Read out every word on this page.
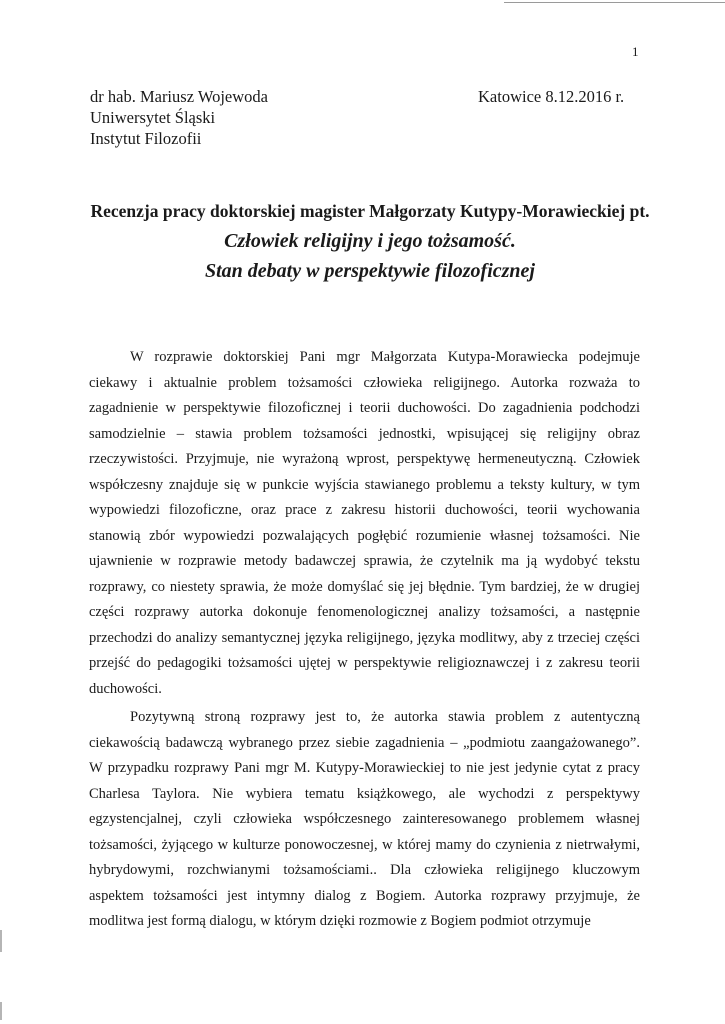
1
dr hab. Mariusz Wojewoda
Uniwersytet Śląski
Instytut Filozofii
Katowice 8.12.2016 r.
Recenzja pracy doktorskiej magister Małgorzaty Kutypy-Morawieckiej pt.
Człowiek religijny i jego tożsamość.
Stan debaty w perspektywie filozoficznej

W rozprawie doktorskiej Pani mgr Małgorzata Kutypa-Morawiecka podejmuje ciekawy i aktualnie problem tożsamości człowieka religijnego. Autorka rozważa to zagadnienie w perspektywie filozoficznej i teorii duchowości. Do zagadnienia podchodzi samodzielnie – stawia problem tożsamości jednostki, wpisującej się religijny obraz rzeczywistości. Przyjmuje, nie wyrażoną wprost, perspektywę hermeneutyczną. Człowiek współczesny znajduje się w punkcie wyjścia stawianego problemu a teksty kultury, w tym wypowiedzi filozoficzne, oraz prace z zakresu historii duchowości, teorii wychowania stanowią zbór wypowiedzi pozwalających pogłębić rozumienie własnej tożsamości. Nie ujawnienie w rozprawie metody badawczej sprawia, że czytelnik ma ją wydobyć tekstu rozprawy, co niestety sprawia, że może domyślać się jej błędnie. Tym bardziej, że w drugiej części rozprawy autorka dokonuje fenomenologicznej analizy tożsamości, a następnie przechodzi do analizy semantycznej języka religijnego, języka modlitwy, aby z trzeciej części przejść do pedagogiki tożsamości ujętej w perspektywie religioznawczej i z zakresu teorii duchowości.

Pozytywną stroną rozprawy jest to, że autorka stawia problem z autentyczną ciekawością badawczą wybranego przez siebie zagadnienia – „podmiotu zaangażowanego”. W przypadku rozprawy Pani mgr M. Kutypy-Morawieckiej to nie jest jedynie cytat z pracy Charlesa Taylora. Nie wybiera tematu książkowego, ale wychodzi z perspektywy egzystencjalnej, czyli człowieka współczesnego zainteresowanego problemem własnej tożsamości, żyjącego w kulturze ponowoczesnej, w której mamy do czynienia z nietrwałymi, hybrydowymi, rozchwianymi tożsamościami.. Dla człowieka religijnego kluczowym aspektem tożsamości jest intymny dialog z Bogiem. Autorka rozprawy przyjmuje, że modlitwa jest formą dialogu, w którym dzięki rozmowie z Bogiem podmiot otrzymuje
